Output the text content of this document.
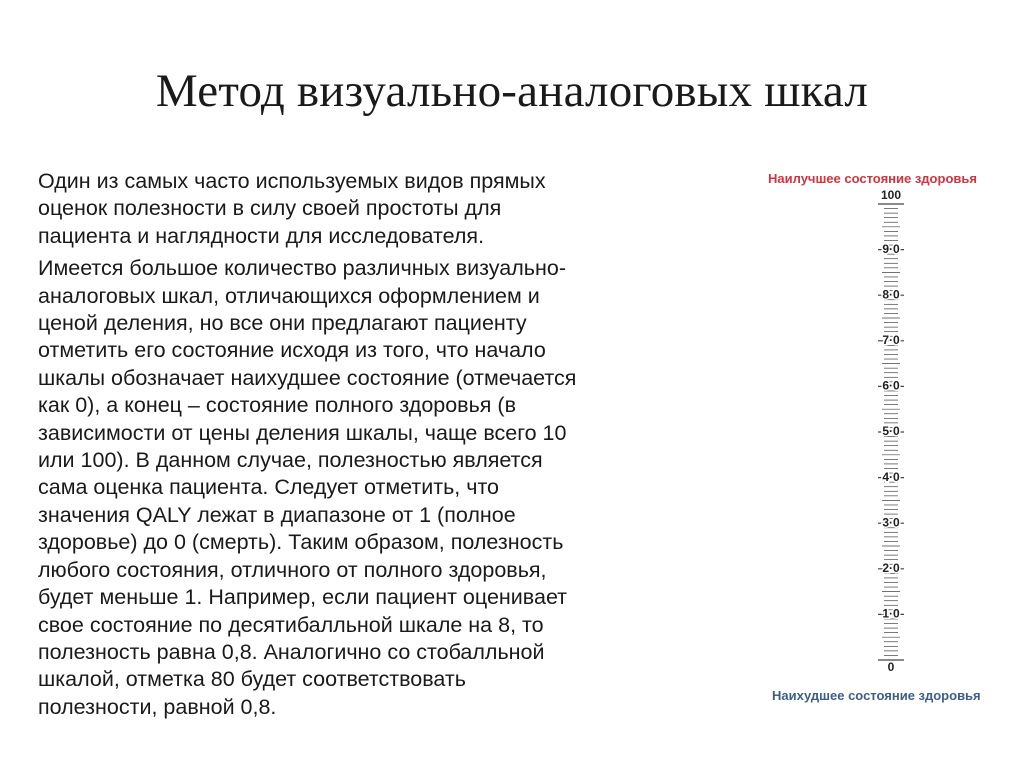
Метод визуально-аналоговых шкал

Один из самых часто используемых видов прямых
оценок полезности в силу своей простоты для
пациента и наглядности для исследователя.

Имеется большое количество различных визуально-
аналоговых шкал, отличающихся оформлением и
ценой деления, но все они предлагают пациенту
отметить его состояние исходя из того, что начало
шкалы обозначает наихудшее состояние (отмечается
как 0), а конец – состояние полного здоровья (в
зависимости от цены деления шкалы, чаще всего 10
или 100). В данном случае, полезностью является
сама оценка пациента. Следует отметить, что
значения QALY лежат в диапазоне от 1 (полное
здоровье) до 0 (смерть). Таким образом, полезность
любого состояния, отличного от полного здоровья,
будет меньше 1. Например, если пациент оценивает
свое состояние по десятибалльной шкале на 8, то
полезность равна 0,8. Аналогично со стобалльной
шкалой, отметка 80 будет соответствовать
полезности, равной 0,8.

Наилучшее состояние здоровья
100
9·0
8·0
7·0
6·0
5·0
4·0
3·0
2·0
1·0
0
Наихудшее состояние здоровья
